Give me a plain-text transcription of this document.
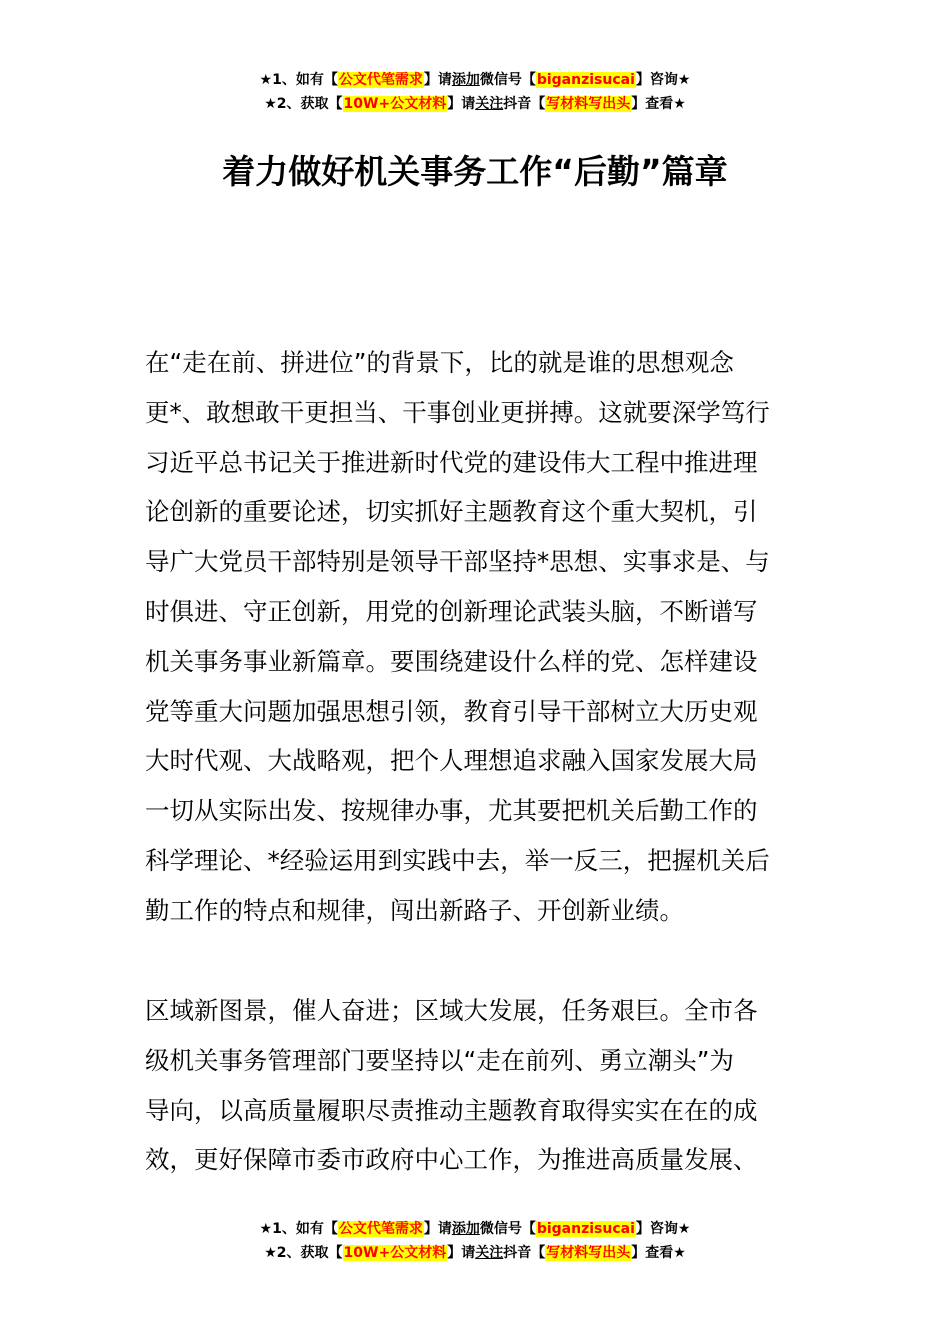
★1、如有【公文代笔需求】请添加微信号【biganzisucai】咨询★
★2、获取【10W+公文材料】请关注抖音【写材料写出头】查看★
着力做好机关事务工作“后勤”篇章

在“走在前、拼进位”的背景下，比的就是谁的思想观念
更*、敢想敢干更担当、干事创业更拼搏。这就要深学笃行
习近平总书记关于推进新时代党的建设伟大工程中推进理
论创新的重要论述，切实抓好主题教育这个重大契机，引
导广大党员干部特别是领导干部坚持*思想、实事求是、与
时俱进、守正创新，用党的创新理论武装头脑，不断谱写
机关事务事业新篇章。要围绕建设什么样的党、怎样建设
党等重大问题加强思想引领，教育引导干部树立大历史观
大时代观、大战略观，把个人理想追求融入国家发展大局
一切从实际出发、按规律办事，尤其要把机关后勤工作的
科学理论、*经验运用到实践中去，举一反三，把握机关后
勤工作的特点和规律，闯出新路子、开创新业绩。

区域新图景，催人奋进；区域大发展，任务艰巨。全市各
级机关事务管理部门要坚持以“走在前列、勇立潮头”为
导向，以高质量履职尽责推动主题教育取得实实在在的成
效，更好保障市委市政府中心工作，为推进高质量发展、

★1、如有【公文代笔需求】请添加微信号【biganzisucai】咨询★
★2、获取【10W+公文材料】请关注抖音【写材料写出头】查看★
